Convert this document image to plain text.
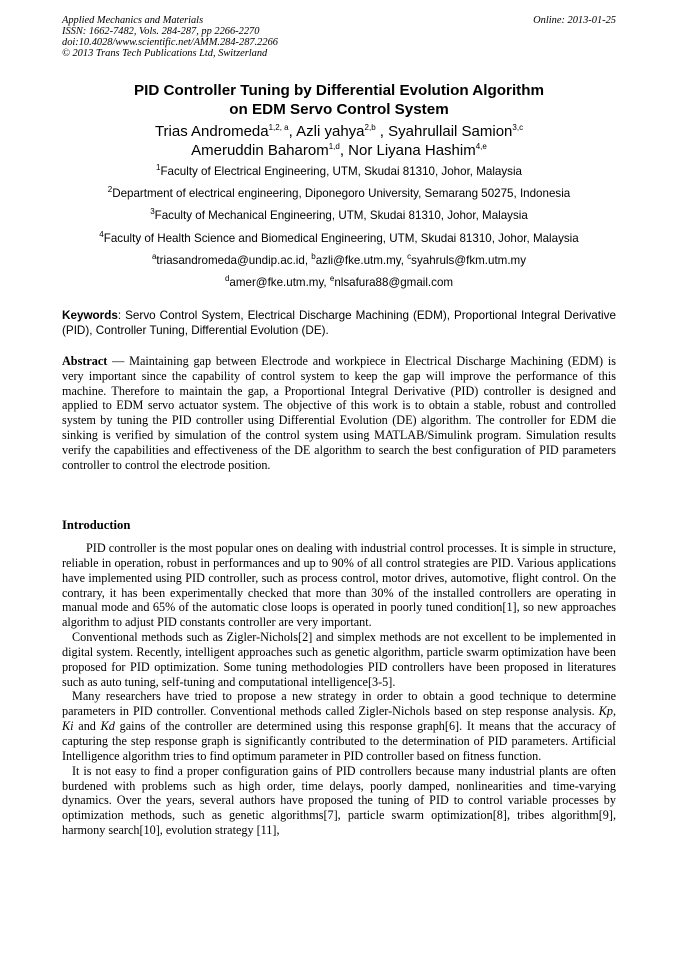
Applied Mechanics and Materials
ISSN: 1662-7482, Vols. 284-287, pp 2266-2270
doi:10.4028/www.scientific.net/AMM.284-287.2266
© 2013 Trans Tech Publications Ltd, Switzerland
Online: 2013-01-25
PID Controller Tuning by Differential Evolution Algorithm
on EDM Servo Control System
Trias Andromeda$^{1,2, a}$, Azli yahya$^{2,b}$ , Syahrullail Samion$^{3,c}$
Ameruddin Baharom$^{1,d}$, Nor Liyana Hashim$^{4,e}$
$^1$Faculty of Electrical Engineering, UTM, Skudai 81310, Johor, Malaysia
$^2$Department of electrical engineering, Diponegoro University, Semarang 50275, Indonesia
$^3$Faculty of Mechanical Engineering, UTM, Skudai 81310, Johor, Malaysia
$^4$Faculty of Health Science and Biomedical Engineering, UTM, Skudai 81310, Johor, Malaysia
$^a$triasandromeda@undip.ac.id, $^b$azli@fke.utm.my, $^c$syahruls@fkm.utm.my
$^d$amer@fke.utm.my, $^e$nlsafura88@gmail.com
Keywords: Servo Control System, Electrical Discharge Machining (EDM), Proportional Integral Derivative (PID), Controller Tuning, Differential Evolution (DE).
Abstract — Maintaining gap between Electrode and workpiece in Electrical Discharge Machining (EDM) is very important since the capability of control system to keep the gap will improve the performance of this machine. Therefore to maintain the gap, a Proportional Integral Derivative (PID) controller is designed and applied to EDM servo actuator system. The objective of this work is to obtain a stable, robust and controlled system by tuning the PID controller using Differential Evolution (DE) algorithm. The controller for EDM die sinking is verified by simulation of the control system using MATLAB/Simulink program. Simulation results verify the capabilities and effectiveness of the DE algorithm to search the best configuration of PID parameters controller to control the electrode position.
Introduction

PID controller is the most popular ones on dealing with industrial control processes. It is simple in structure, reliable in operation, robust in performances and up to 90% of all control strategies are PID. Various applications have implemented using PID controller, such as process control, motor drives, automotive, flight control. On the contrary, it has been experimentally checked that more than 30% of the installed controllers are operating in manual mode and 65% of the automatic close loops is operated in poorly tuned condition[1], so new approaches algorithm to adjust PID constants controller are very important.

Conventional methods such as Zigler-Nichols[2] and simplex methods are not excellent to be implemented in digital system. Recently, intelligent approaches such as genetic algorithm, particle swarm optimization have been proposed for PID optimization. Some tuning methodologies PID controllers have been proposed in literatures such as auto tuning, self-tuning and computational intelligence[3-5].

Many researchers have tried to propose a new strategy in order to obtain a good technique to determine parameters in PID controller. Conventional methods called Zigler-Nichols based on step response analysis. Kp, Ki and Kd gains of the controller are determined using this response graph[6]. It means that the accuracy of capturing the step response graph is significantly contributed to the determination of PID parameters. Artificial Intelligence algorithm tries to find optimum parameter in PID controller based on fitness function.

It is not easy to find a proper configuration gains of PID controllers because many industrial plants are often burdened with problems such as high order, time delays, poorly damped, nonlinearities and time-varying dynamics. Over the years, several authors have proposed the tuning of PID to control variable processes by optimization methods, such as genetic algorithms[7], particle swarm optimization[8], tribes algorithm[9], harmony search[10], evolution strategy [11],
